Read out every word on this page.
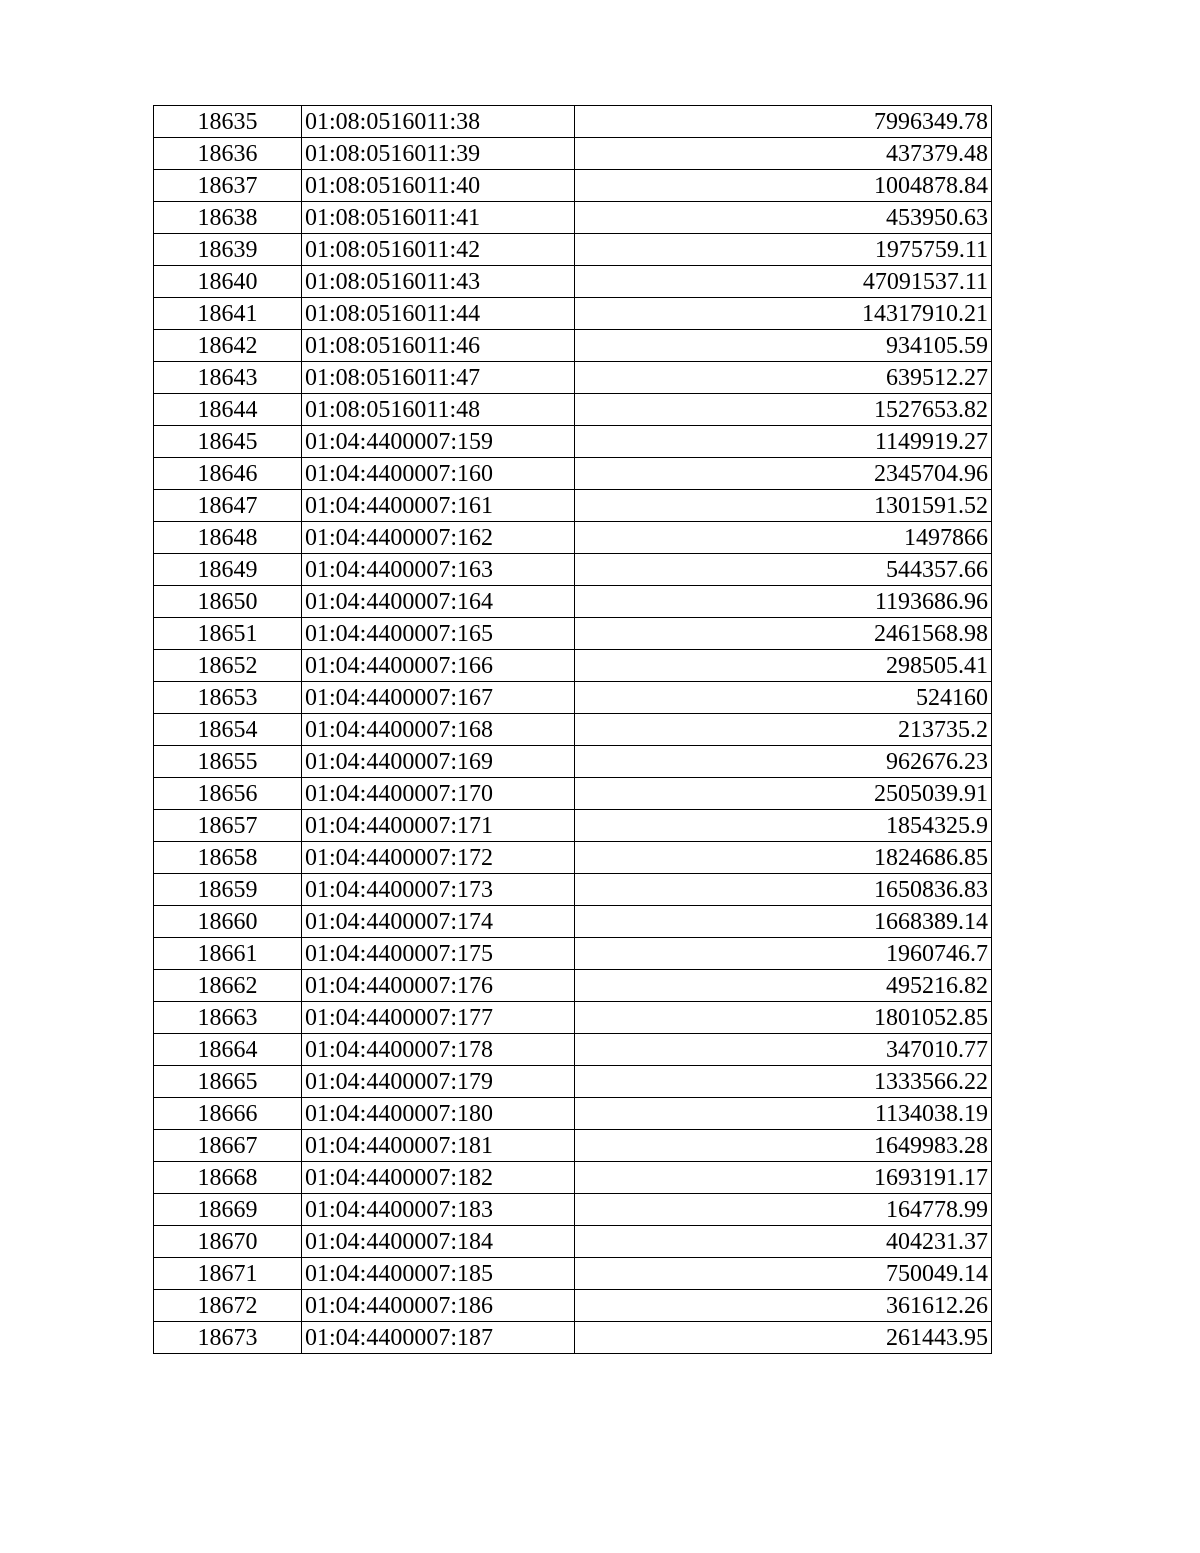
18635	01:08:0516011:38	7996349.78
18636	01:08:0516011:39	437379.48
18637	01:08:0516011:40	1004878.84
18638	01:08:0516011:41	453950.63
18639	01:08:0516011:42	1975759.11
18640	01:08:0516011:43	47091537.11
18641	01:08:0516011:44	14317910.21
18642	01:08:0516011:46	934105.59
18643	01:08:0516011:47	639512.27
18644	01:08:0516011:48	1527653.82
18645	01:04:4400007:159	1149919.27
18646	01:04:4400007:160	2345704.96
18647	01:04:4400007:161	1301591.52
18648	01:04:4400007:162	1497866
18649	01:04:4400007:163	544357.66
18650	01:04:4400007:164	1193686.96
18651	01:04:4400007:165	2461568.98
18652	01:04:4400007:166	298505.41
18653	01:04:4400007:167	524160
18654	01:04:4400007:168	213735.2
18655	01:04:4400007:169	962676.23
18656	01:04:4400007:170	2505039.91
18657	01:04:4400007:171	1854325.9
18658	01:04:4400007:172	1824686.85
18659	01:04:4400007:173	1650836.83
18660	01:04:4400007:174	1668389.14
18661	01:04:4400007:175	1960746.7
18662	01:04:4400007:176	495216.82
18663	01:04:4400007:177	1801052.85
18664	01:04:4400007:178	347010.77
18665	01:04:4400007:179	1333566.22
18666	01:04:4400007:180	1134038.19
18667	01:04:4400007:181	1649983.28
18668	01:04:4400007:182	1693191.17
18669	01:04:4400007:183	164778.99
18670	01:04:4400007:184	404231.37
18671	01:04:4400007:185	750049.14
18672	01:04:4400007:186	361612.26
18673	01:04:4400007:187	261443.95
